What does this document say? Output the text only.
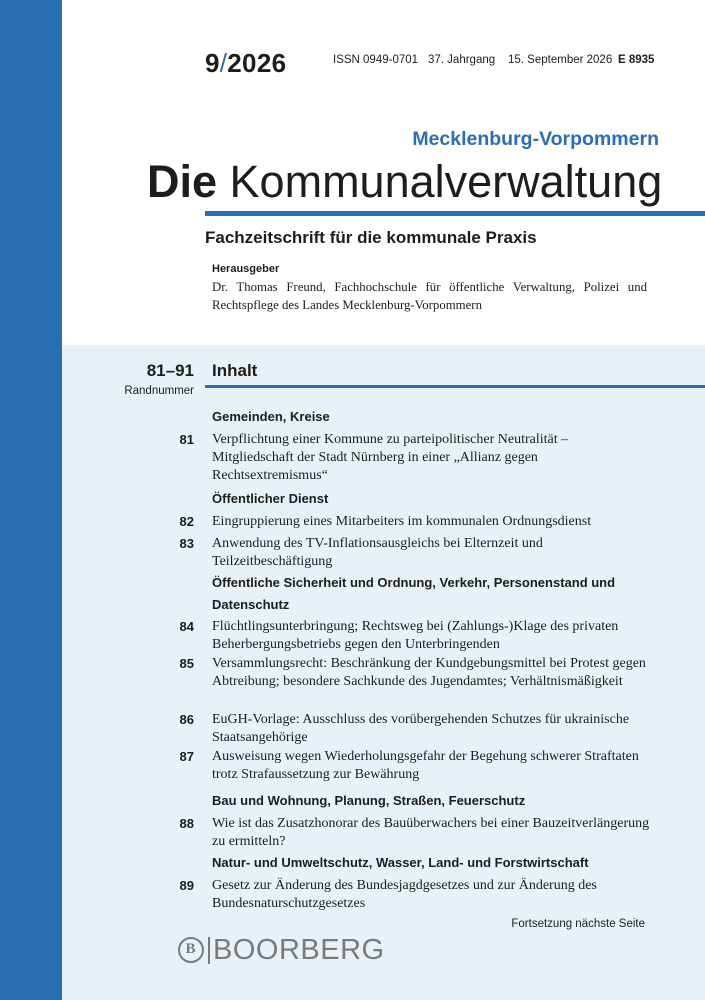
9/2026	ISSN 0949-0701 37. Jahrgang 15. September 2026 E 8935
Mecklenburg-Vorpommern
Die Kommunalverwaltung
Fachzeitschrift für die kommunale Praxis
Herausgeber
Dr. Thomas Freund, Fachhochschule für öffentliche Verwaltung, Polizei und Rechtspflege des Landes Mecklenburg-Vorpommern
81–91
Randnummer
Inhalt
Gemeinden, Kreise
81 Verpflichtung einer Kommune zu parteipolitischer Neutralität – Mitgliedschaft der Stadt Nürnberg in einer „Allianz gegen Rechtsextremismus“
Öffentlicher Dienst
82 Eingruppierung eines Mitarbeiters im kommunalen Ordnungsdienst
83 Anwendung des TV-Inflationsausgleichs bei Elternzeit und Teilzeitbeschäftigung
Öffentliche Sicherheit und Ordnung, Verkehr, Personenstand und Datenschutz
84 Flüchtlingsunterbringung; Rechtsweg bei (Zahlungs-)Klage des privaten Beherbergungsbetriebs gegen den Unterbringenden
85 Versammlungsrecht: Beschränkung der Kundgebungsmittel bei Protest gegen Abtreibung; besondere Sachkunde des Jugendamtes; Verhältnismäßigkeit
86 EuGH-Vorlage: Ausschluss des vorübergehenden Schutzes für ukrainische Staatsangehörige
87 Ausweisung wegen Wiederholungsgefahr der Begehung schwerer Straftaten trotz Strafaussetzung zur Bewährung
Bau und Wohnung, Planung, Straßen, Feuerschutz
88 Wie ist das Zusatzhonorar des Bauüberwachers bei einer Bauzeitverlängerung zu ermitteln?
Natur- und Umweltschutz, Wasser, Land- und Forstwirtschaft
89 Gesetz zur Änderung des Bundesjagdgesetzes und zur Änderung des Bundesnaturschutzgesetzes
Fortsetzung nächste Seite
B BOORBERG
